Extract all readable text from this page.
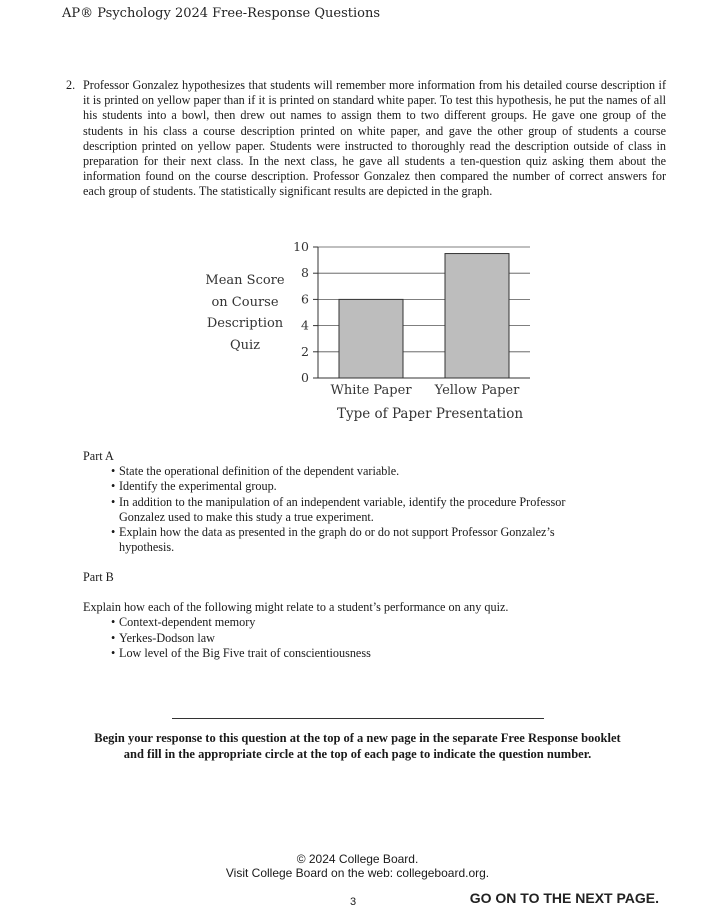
AP® Psychology 2024 Free-Response Questions
2. Professor Gonzalez hypothesizes that students will remember more information from his detailed course description if it is printed on yellow paper than if it is printed on standard white paper. To test this hypothesis, he put the names of all his students into a bowl, then drew out names to assign them to two different groups. He gave one group of the students in his class a course description printed on white paper, and gave the other group of students a course description printed on yellow paper. Students were instructed to thoroughly read the description outside of class in preparation for their next class. In the next class, he gave all students a ten-question quiz asking them about the information found on the course description. Professor Gonzalez then compared the number of correct answers for each group of students. The statistically significant results are depicted in the graph.
0
2
4
6
8
10
White Paper Yellow Paper
Mean Score
on Course
Description
Quiz
Type of Paper Presentation
Part A
• State the operational definition of the dependent variable.
• Identify the experimental group.
• In addition to the manipulation of an independent variable, identify the procedure Professor Gonzalez used to make this study a true experiment.
• Explain how the data as presented in the graph do or do not support Professor Gonzalez’s hypothesis.
Part B
Explain how each of the following might relate to a student’s performance on any quiz.
• Context-dependent memory
• Yerkes-Dodson law
• Low level of the Big Five trait of conscientiousness
Begin your response to this question at the top of a new page in the separate Free Response booklet
and fill in the appropriate circle at the top of each page to indicate the question number.
© 2024 College Board.
Visit College Board on the web: collegeboard.org.
3	GO ON TO THE NEXT PAGE.
